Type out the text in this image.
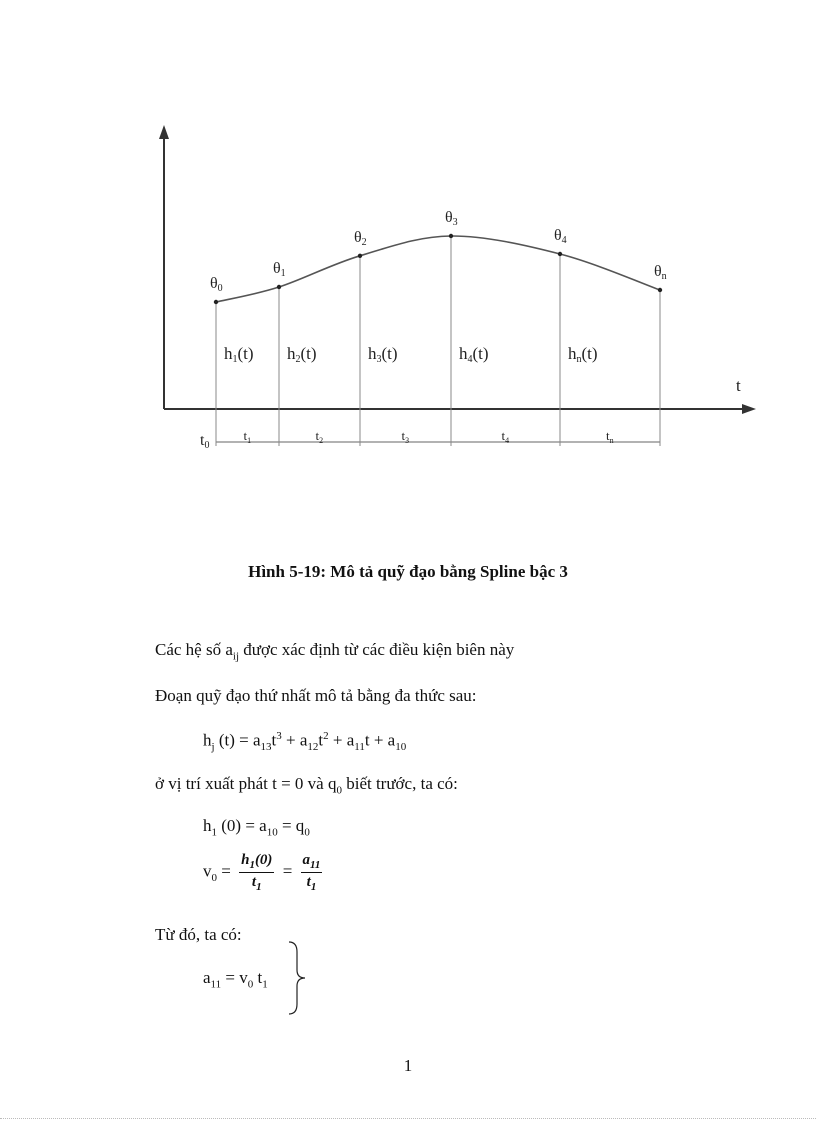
t
θ0
θ1
θ2
θ3
θ4
θn
h1(t) h2(t)	h3(t)	h4(t)	hn(t)
t0
$t_1$	$t_2$	$t_3$	$t_4$	$t_n$
Hình 5-19: Mô tả quỹ đạo bằng Spline bậc 3
Các hệ số $a_{ij}$ được xác định từ các điều kiện biên này
Đoạn quỹ đạo thứ nhất mô tả bằng đa thức sau:
$h_j$ $(t) = a_{13}t^3 + a_{12}t^2 + a_{11}t + a_{10}$
ở vị trí xuất phát t = 0 và $q_0$ biết trước, ta có:
$h_1$ $(0) = a_{10} = q_0$
$v_0 = \frac{h_1(0)}{t_1} = \frac{a_{11}}{t_1}$
Từ đó, ta có:
$a_{11} = v_0$ $t_1$
1
